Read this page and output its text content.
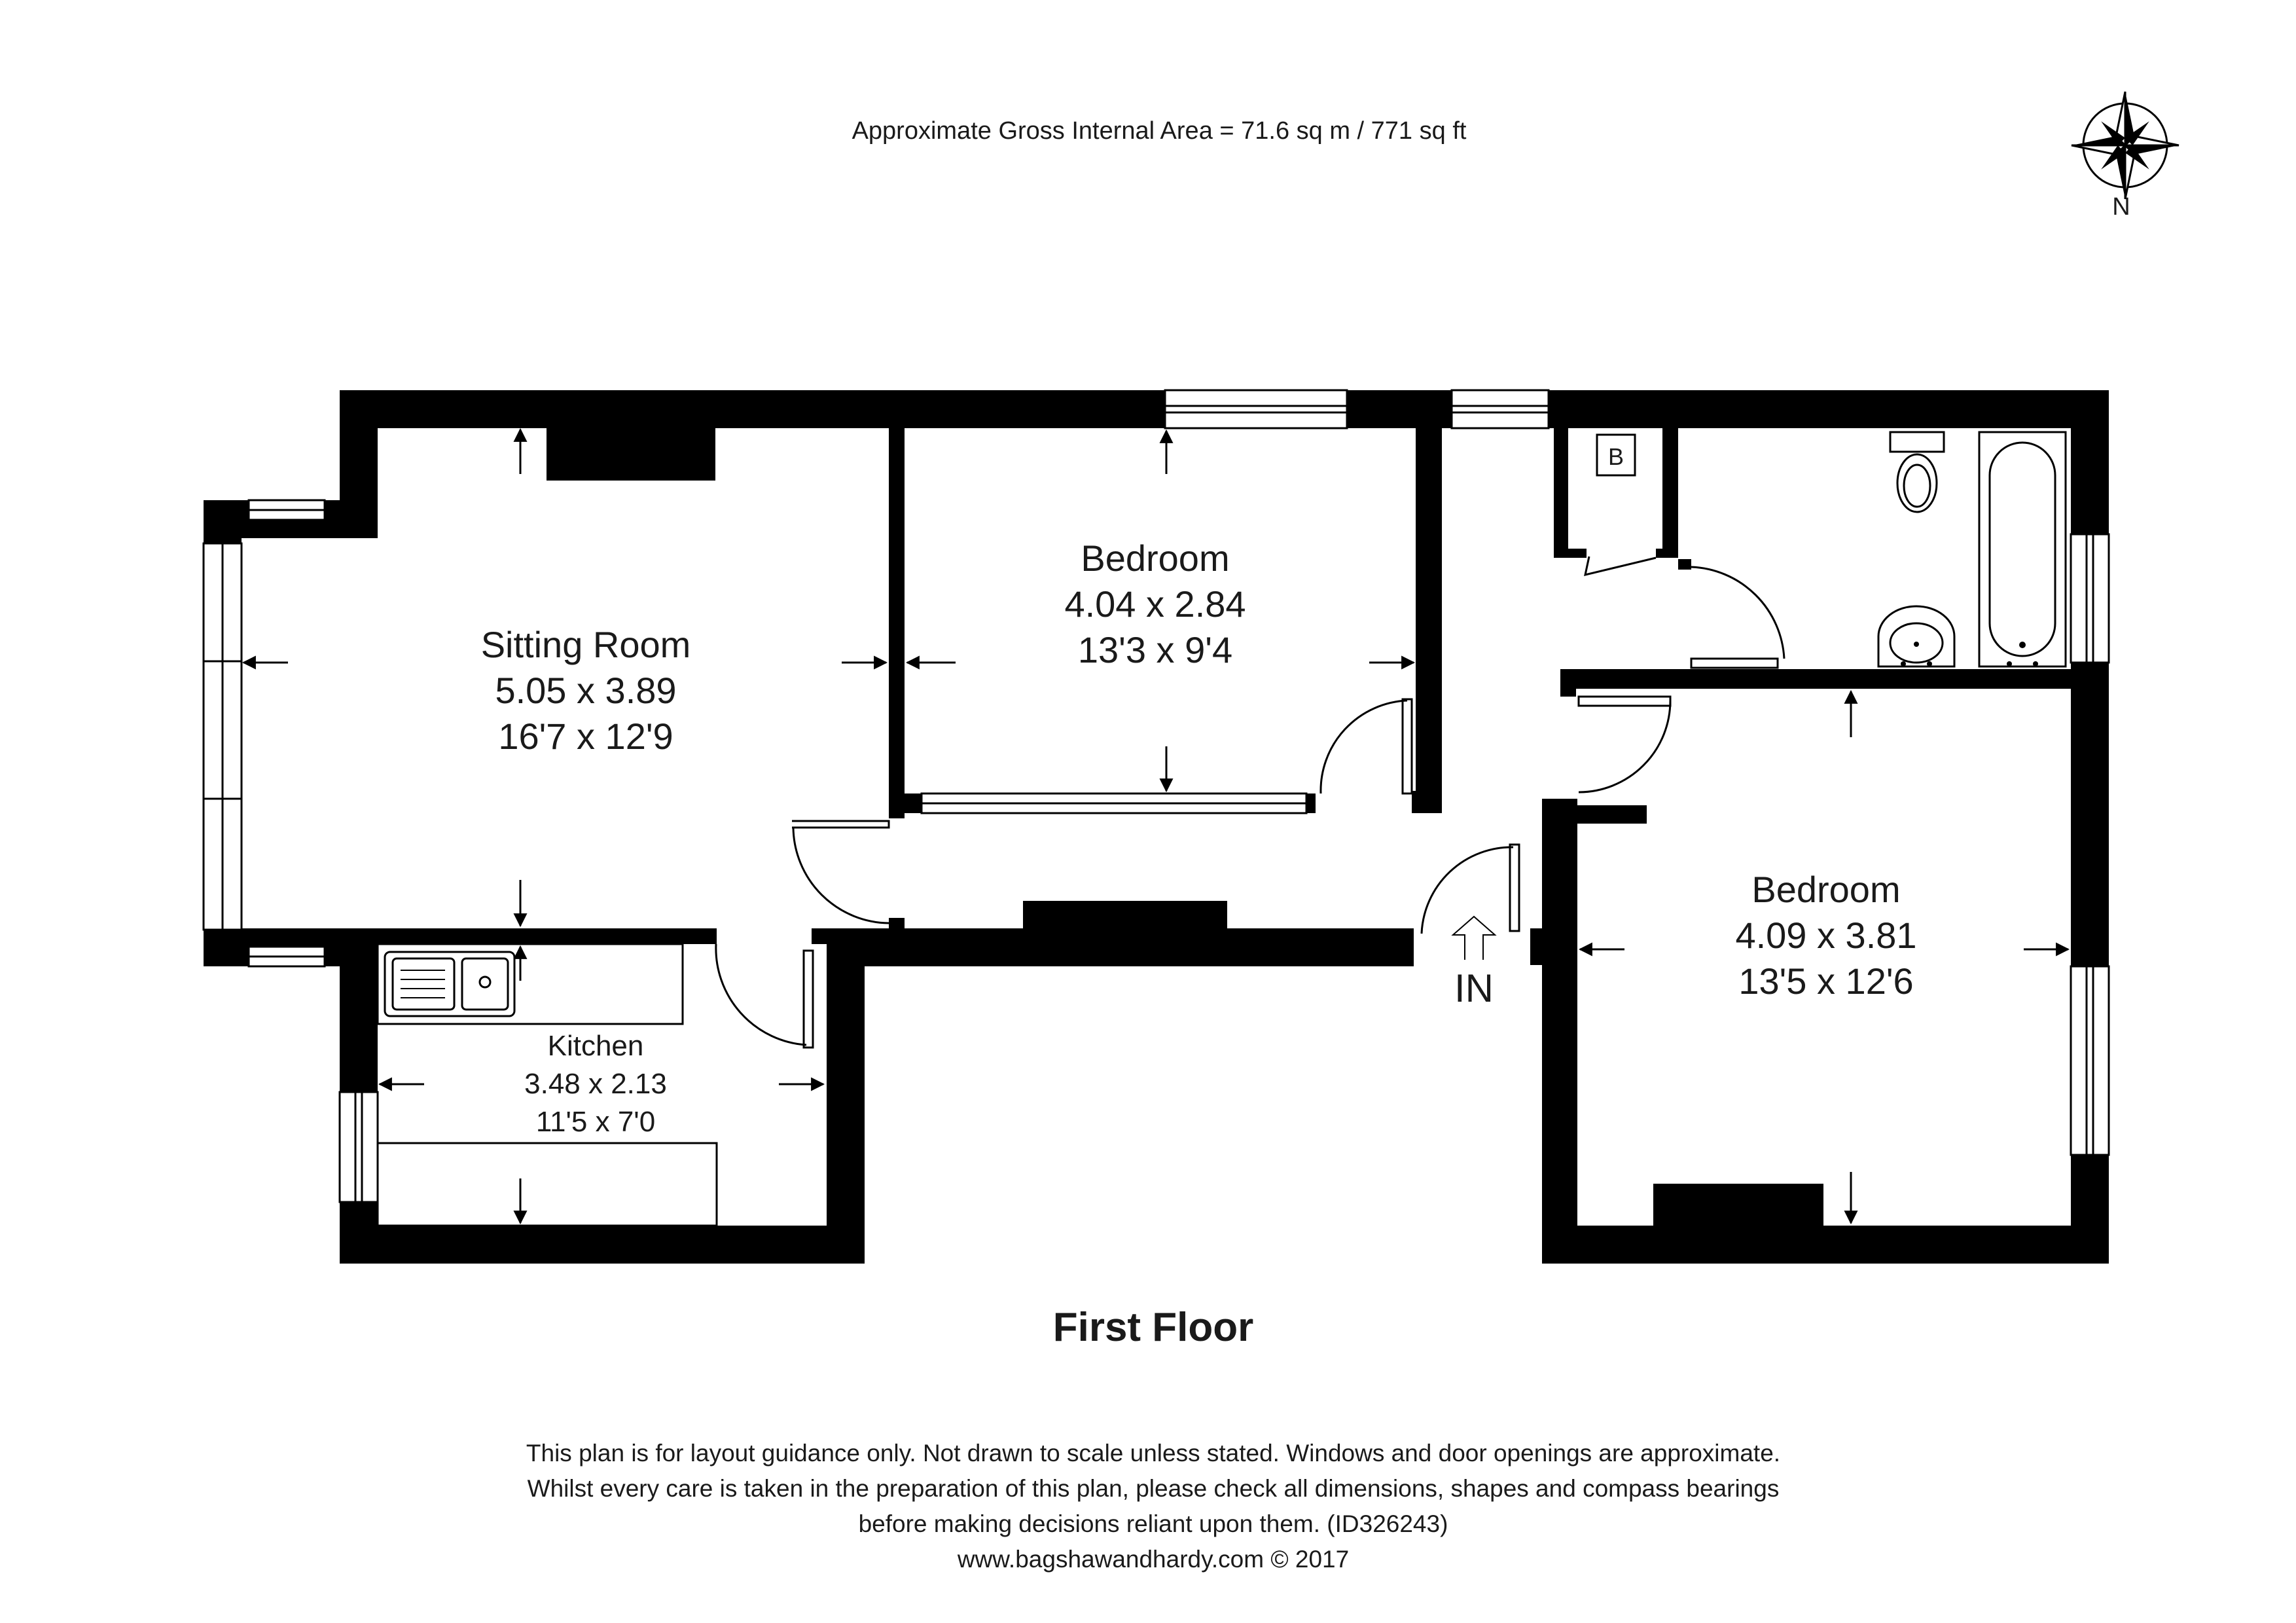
Approximate Gross Internal Area = 71.6 sq m / 771 sq ft
N
Sitting Room
5.05 x 3.89
16'7 x 12'9
Bedroom
4.04 x 2.84
13'3 x 9'4
Bedroom
4.09 x 3.81
13'5 x 12'6
Kitchen
3.48 x 2.13
11'5 x 7'0
IN
B
First Floor
This plan is for layout guidance only. Not drawn to scale unless stated. Windows and door openings are approximate.
Whilst every care is taken in the preparation of this plan, please check all dimensions, shapes and compass bearings
before making decisions reliant upon them. (ID326243)
www.bagshawandhardy.com © 2017
